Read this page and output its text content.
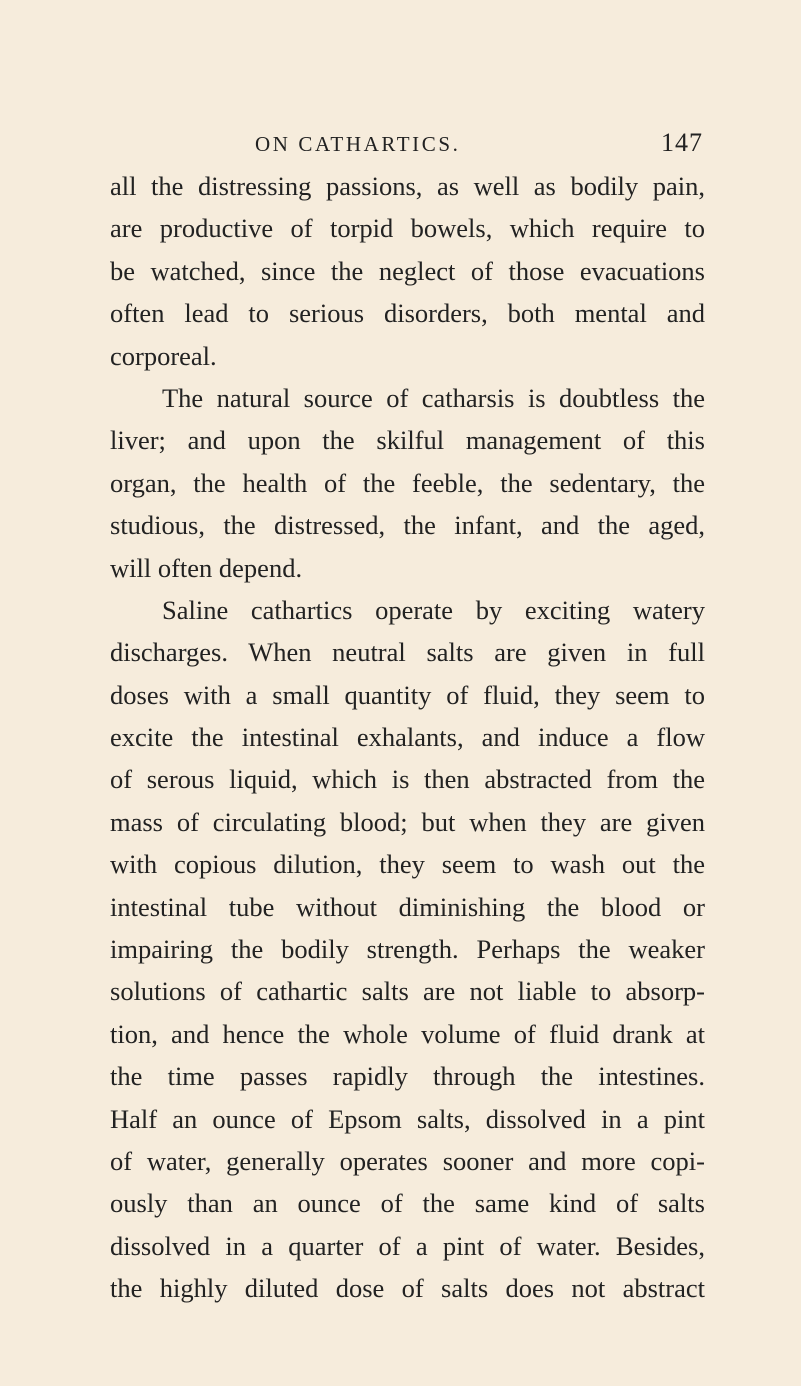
ON CATHARTICS.	147
all the distressing passions, as well as bodily pain,
are productive of torpid bowels, which require to
be watched, since the neglect of those evacuations
often lead to serious disorders, both mental and
corporeal.
The natural source of catharsis is doubtless the
liver; and upon the skilful management of this
organ, the health of the feeble, the sedentary, the
studious, the distressed, the infant, and the aged,
will often depend.
Saline cathartics operate by exciting watery
discharges. When neutral salts are given in full
doses with a small quantity of fluid, they seem to
excite the intestinal exhalants, and induce a flow
of serous liquid, which is then abstracted from the
mass of circulating blood; but when they are given
with copious dilution, they seem to wash out the
intestinal tube without diminishing the blood or
impairing the bodily strength. Perhaps the weaker
solutions of cathartic salts are not liable to absorp-
tion, and hence the whole volume of fluid drank at
the time passes rapidly through the intestines.
Half an ounce of Epsom salts, dissolved in a pint
of water, generally operates sooner and more copi-
ously than an ounce of the same kind of salts
dissolved in a quarter of a pint of water. Besides,
the highly diluted dose of salts does not abstract
